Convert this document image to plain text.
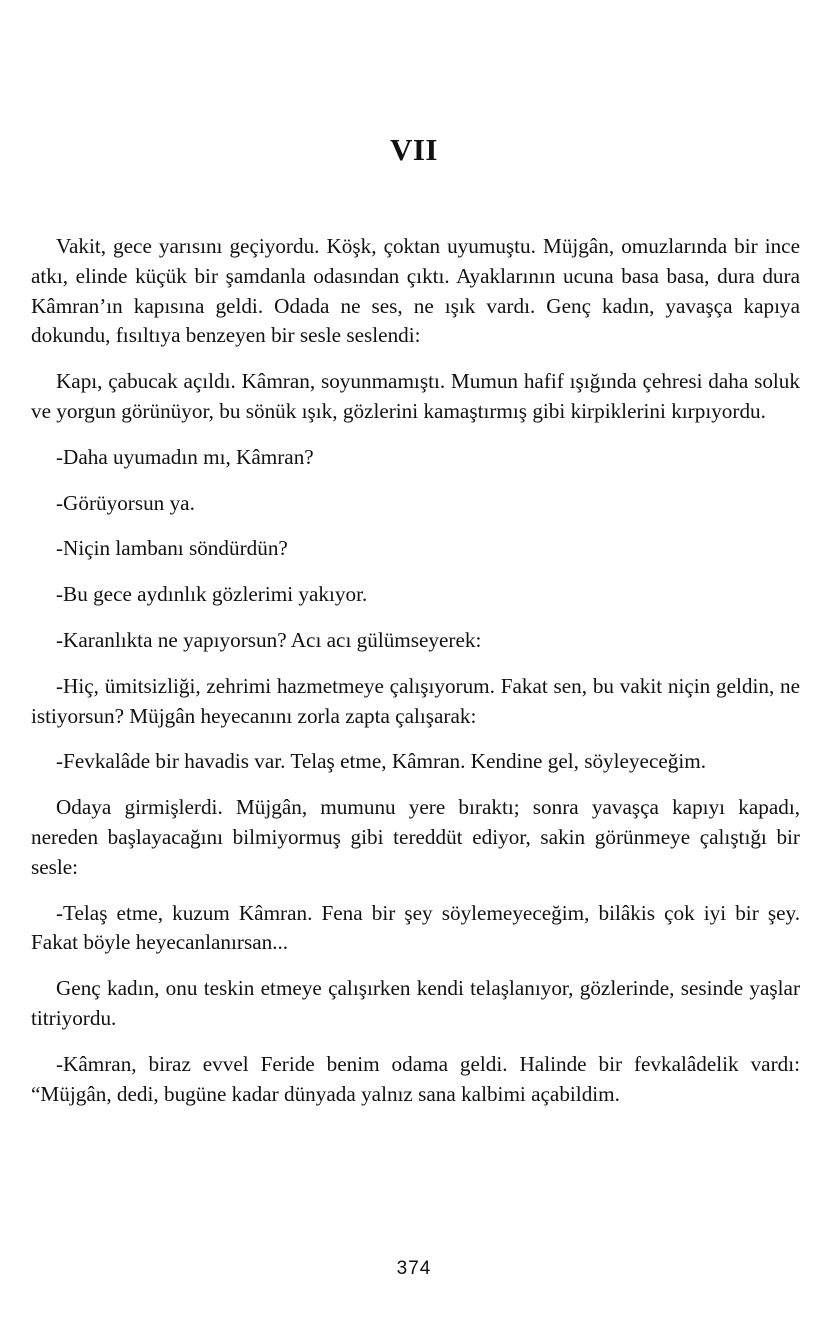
VII

Vakit, gece yarısını geçiyordu. Köşk, çoktan uyumuştu. Müjgân, omuzlarında bir ince atkı, elinde küçük bir şamdanla odasından çıktı. Ayaklarının ucuna basa basa, dura dura Kâmran’ın kapısına geldi. Odada ne ses, ne ışık vardı. Genç kadın, yavaşça kapıya dokundu, fısıltıya benzeyen bir sesle seslendi:

Kapı, çabucak açıldı. Kâmran, soyunmamıştı. Mumun hafif ışığında çehresi daha soluk ve yorgun görünüyor, bu sönük ışık, gözlerini kamaştırmış gibi kirpiklerini kırpıyordu.

-Daha uyumadın mı, Kâmran?

-Görüyorsun ya.

-Niçin lambanı söndürdün?

-Bu gece aydınlık gözlerimi yakıyor.

-Karanlıkta ne yapıyorsun? Acı acı gülümseyerek:

-Hiç, ümitsizliği, zehrimi hazmetmeye çalışıyorum. Fakat sen, bu vakit niçin geldin, ne istiyorsun? Müjgân heyecanını zorla zapta çalışarak:

-Fevkalâde bir havadis var. Telaş etme, Kâmran. Kendine gel, söyleyeceğim.

Odaya girmişlerdi. Müjgân, mumunu yere bıraktı; sonra yavaşça kapıyı kapadı, nereden başlayacağını bilmiyormuş gibi tereddüt ediyor, sakin görünmeye çalıştığı bir sesle:

-Telaş etme, kuzum Kâmran. Fena bir şey söylemeyeceğim, bilâkis çok iyi bir şey. Fakat böyle heyecanlanırsan...

Genç kadın, onu teskin etmeye çalışırken kendi telaşlanıyor, gözlerinde, sesinde yaşlar titriyordu.

-Kâmran, biraz evvel Feride benim odama geldi. Halinde bir fevkalâdelik vardı: “Müjgân, dedi, bugüne kadar dünyada yalnız sana kalbimi açabildim.

374
